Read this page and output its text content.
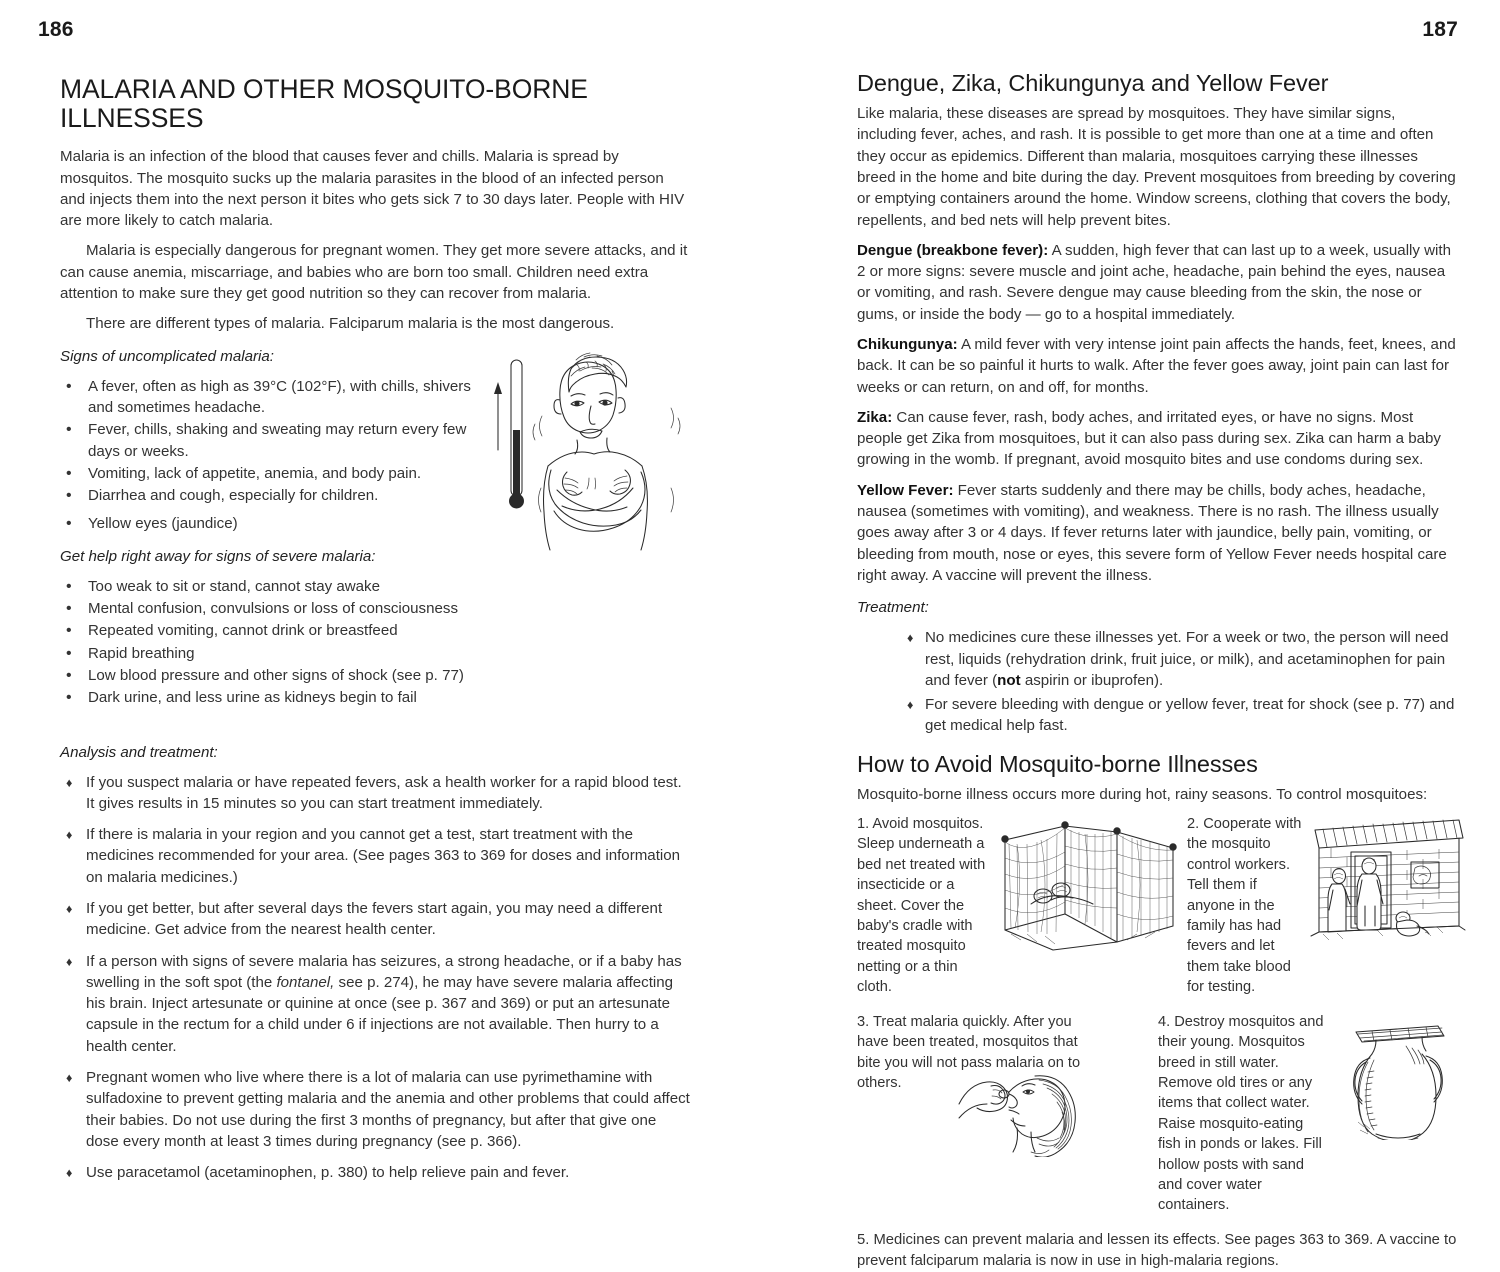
186
MALARIA AND OTHER MOSQUITO-BORNE ILLNESSES

Malaria is an infection of the blood that causes fever and chills. Malaria is spread by mosquitos. The mosquito sucks up the malaria parasites in the blood of an infected person and injects them into the next person it bites who gets sick 7 to 30 days later. People with HIV are more likely to catch malaria.

Malaria is especially dangerous for pregnant women. They get more severe attacks, and it can cause anemia, miscarriage, and babies who are born too small. Children need extra attention to make sure they get good nutrition so they can recover from malaria.

There are different types of malaria. Falciparum malaria is the most dangerous.

Signs of uncomplicated malaria:
• A fever, often as high as 39°C (102°F), with chills, shivers and sometimes headache.
• Fever, chills, shaking and sweating may return every few days or weeks.
• Vomiting, lack of appetite, anemia, and body pain.
• Diarrhea and cough, especially for children.
• Yellow eyes (jaundice)
Get help right away for signs of severe malaria:
• Too weak to sit or stand, cannot stay awake
• Mental confusion, convulsions or loss of consciousness
• Repeated vomiting, cannot drink or breastfeed
• Rapid breathing
• Low blood pressure and other signs of shock (see p. 77)
• Dark urine, and less urine as kidneys begin to fail
Analysis and treatment:
♦ If you suspect malaria or have repeated fevers, ask a health worker for a rapid blood test. It gives results in 15 minutes so you can start treatment immediately.
♦ If there is malaria in your region and you cannot get a test, start treatment with the medicines recommended for your area. (See pages 363 to 369 for doses and information on malaria medicines.)
♦ If you get better, but after several days the fevers start again, you may need a different medicine. Get advice from the nearest health center.
♦ If a person with signs of severe malaria has seizures, a strong headache, or if a baby has swelling in the soft spot (the fontanel, see p. 274), he may have severe malaria affecting his brain. Inject artesunate or quinine at once (see p. 367 and 369) or put an artesunate capsule in the rectum for a child under 6 if injections are not available. Then hurry to a health center.
♦ Pregnant women who live where there is a lot of malaria can use pyrimethamine with sulfadoxine to prevent getting malaria and the anemia and other problems that could affect their babies. Do not use during the first 3 months of pregnancy, but after that give one dose every month at least 3 times during pregnancy (see p. 366).
♦ Use paracetamol (acetaminophen, p. 380) to help relieve pain and fever.
187
Dengue, Zika, Chikungunya and Yellow Fever

Like malaria, these diseases are spread by mosquitoes. They have similar signs, including fever, aches, and rash. It is possible to get more than one at a time and often they occur as epidemics. Different than malaria, mosquitoes carrying these illnesses breed in the home and bite during the day. Prevent mosquitoes from breeding by covering or emptying containers around the home. Window screens, clothing that covers the body, repellents, and bed nets will help prevent bites.

Dengue (breakbone fever): A sudden, high fever that can last up to a week, usually with 2 or more signs: severe muscle and joint ache, headache, pain behind the eyes, nausea or vomiting, and rash. Severe dengue may cause bleeding from the skin, the nose or gums, or inside the body — go to a hospital immediately.

Chikungunya: A mild fever with very intense joint pain affects the hands, feet, knees, and back. It can be so painful it hurts to walk. After the fever goes away, joint pain can last for weeks or can return, on and off, for months.

Zika: Can cause fever, rash, body aches, and irritated eyes, or have no signs. Most people get Zika from mosquitoes, but it can also pass during sex. Zika can harm a baby growing in the womb. If pregnant, avoid mosquito bites and use condoms during sex.

Yellow Fever: Fever starts suddenly and there may be chills, body aches, headache, nausea (sometimes with vomiting), and weakness. There is no rash. The illness usually goes away after 3 or 4 days. If fever returns later with jaundice, belly pain, vomiting, or bleeding from mouth, nose or eyes, this severe form of Yellow Fever needs hospital care right away. A vaccine will prevent the illness.

Treatment:
♦ No medicines cure these illnesses yet. For a week or two, the person will need rest, liquids (rehydration drink, fruit juice, or milk), and acetaminophen for pain and fever (not aspirin or ibuprofen).
♦ For severe bleeding with dengue or yellow fever, treat for shock (see p. 77) and get medical help fast.
How to Avoid Mosquito-borne Illnesses

Mosquito-borne illness occurs more during hot, rainy seasons. To control mosquitoes:

1. Avoid mosquitos. Sleep underneath a bed net treated with insecticide or a sheet. Cover the baby's cradle with treated mosquito netting or a thin cloth.
2. Cooperate with the mosquito control workers. Tell them if anyone in the family has had fevers and let them take blood for testing.
3. Treat malaria quickly. After you have been treated, mosquitos that bite you will not pass malaria on to others.
4. Destroy mosquitos and their young. Mosquitos breed in still water. Remove old tires or any items that collect water. Raise mosquito-eating fish in ponds or lakes. Fill hollow posts with sand and cover water containers.

5. Medicines can prevent malaria and lessen its effects. See pages 363 to 369. A vaccine to prevent falciparum malaria is now in use in high-malaria regions.
